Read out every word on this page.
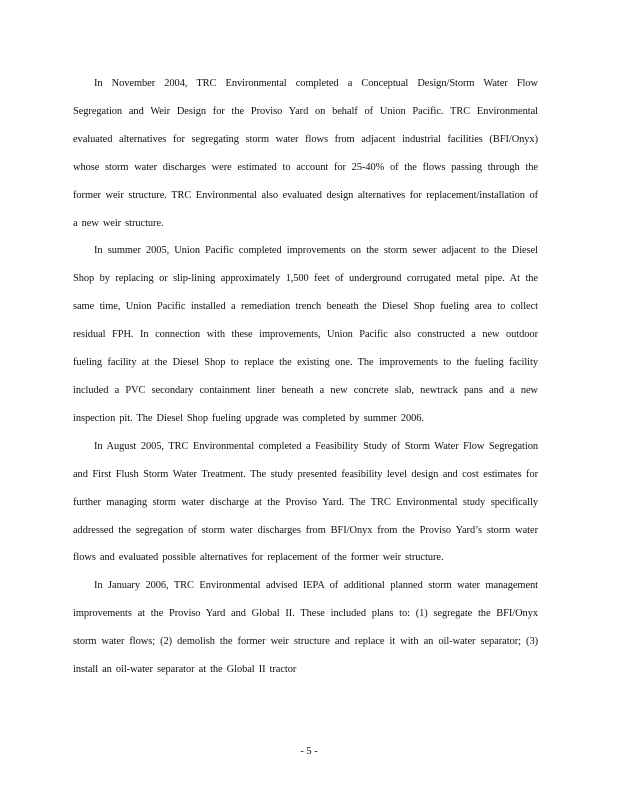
In November 2004, TRC Environmental completed a Conceptual Design/Storm Water Flow Segregation and Weir Design for the Proviso Yard on behalf of Union Pacific. TRC Environmental evaluated alternatives for segregating storm water flows from adjacent industrial facilities (BFI/Onyx) whose storm water discharges were estimated to account for 25-40% of the flows passing through the former weir structure. TRC Environmental also evaluated design alternatives for replacement/installation of a new weir structure.

In summer 2005, Union Pacific completed improvements on the storm sewer adjacent to the Diesel Shop by replacing or slip-lining approximately 1,500 feet of underground corrugated metal pipe. At the same time, Union Pacific installed a remediation trench beneath the Diesel Shop fueling area to collect residual FPH. In connection with these improvements, Union Pacific also constructed a new outdoor fueling facility at the Diesel Shop to replace the existing one. The improvements to the fueling facility included a PVC secondary containment liner beneath a new concrete slab, newtrack pans and a new inspection pit. The Diesel Shop fueling upgrade was completed by summer 2006.

In August 2005, TRC Environmental completed a Feasibility Study of Storm Water Flow Segregation and First Flush Storm Water Treatment. The study presented feasibility level design and cost estimates for further managing storm water discharge at the Proviso Yard. The TRC Environmental study specifically addressed the segregation of storm water discharges from BFI/Onyx from the Proviso Yard’s storm water flows and evaluated possible alternatives for replacement of the former weir structure.

In January 2006, TRC Environmental advised IEPA of additional planned storm water management improvements at the Proviso Yard and Global II. These included plans to: (1) segregate the BFI/Onyx storm water flows; (2) demolish the former weir structure and replace it with an oil-water separator; (3) install an oil-water separator at the Global II tractor

- 5 -
